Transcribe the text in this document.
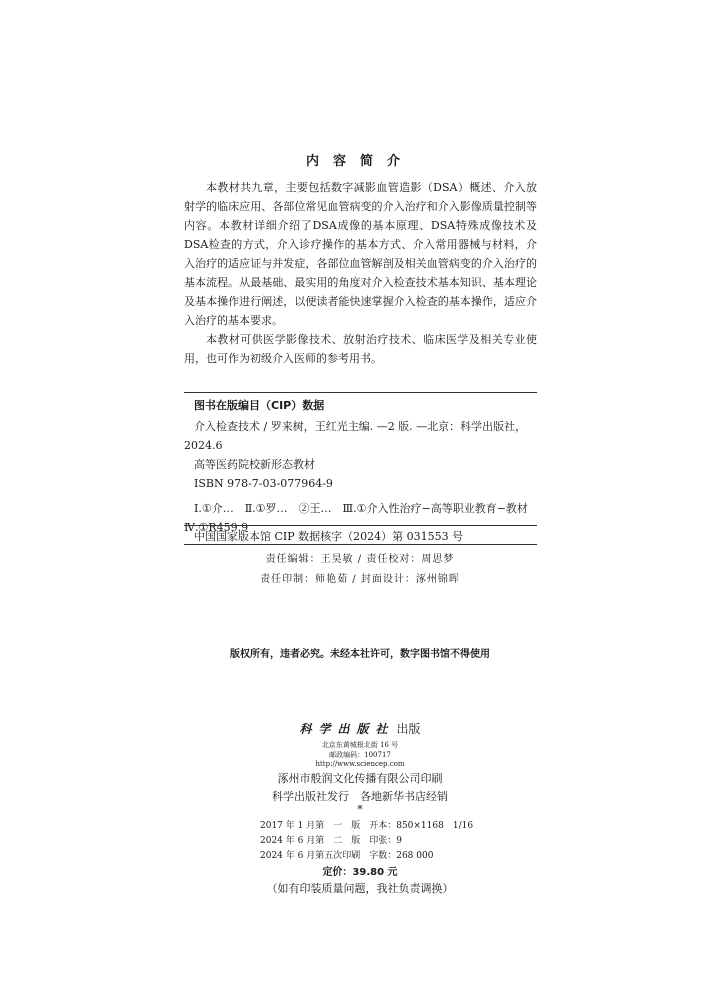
内容简介

本教材共九章，主要包括数字减影血管造影（DSA）概述、介入放射学的临床应用、各部位常见血管病变的介入治疗和介入影像质量控制等内容。本教材详细介绍了DSA成像的基本原理、DSA特殊成像技术及DSA检查的方式，介入诊疗操作的基本方式、介入常用器械与材料，介入治疗的适应证与并发症，各部位血管解剖及相关血管病变的介入治疗的基本流程。从最基础、最实用的角度对介入检查技术基本知识、基本理论及基本操作进行阐述，以便读者能快速掌握介入检查的基本操作，适应介入治疗的基本要求。

本教材可供医学影像技术、放射治疗技术、临床医学及相关专业使用，也可作为初级介入医师的参考用书。

图书在版编目（CIP）数据
介入检查技术 / 罗来树，王红光主编. —2 版. —北京：科学出版社，
2024.6
高等医药院校新形态教材
ISBN 978-7-03-077964-9
Ⅰ.①介…　Ⅱ.①罗…　②王…　Ⅲ.①介入性治疗−高等职业教育−教材
Ⅳ.①R459.9
中国国家版本馆 CIP 数据核字（2024）第 031553 号
责任编辑：王昊敏 / 责任校对：周思梦
责任印制：师艳茹 / 封面设计：涿州锦晖
版权所有，违者必究。未经本社许可，数字图书馆不得使用
科学出版社 出版
北京东黄城根北街 16 号
邮政编码：100717
http://www.sciencep.com
涿州市般润文化传播有限公司印刷
科学出版社发行　各地新华书店经销
*
2017 年 1 月第　一　版　开本：850×1168　1/16
2024 年 6 月第　二　版　印张：9
2024 年 6 月第五次印刷　字数：268 000
定价：39.80 元
（如有印装质量问题，我社负责调换）
